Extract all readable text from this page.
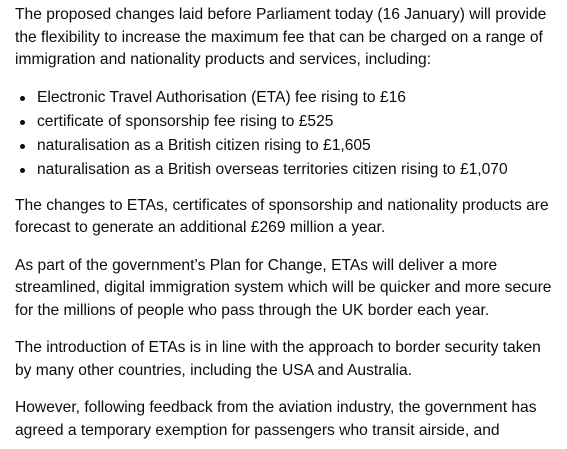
The proposed changes laid before Parliament today (16 January) will provide the flexibility to increase the maximum fee that can be charged on a range of immigration and nationality products and services, including:

Electronic Travel Authorisation (ETA) fee rising to £16
certificate of sponsorship fee rising to £525
naturalisation as a British citizen rising to £1,605
naturalisation as a British overseas territories citizen rising to £1,070

The changes to ETAs, certificates of sponsorship and nationality products are forecast to generate an additional £269 million a year.

As part of the government’s Plan for Change, ETAs will deliver a more streamlined, digital immigration system which will be quicker and more secure for the millions of people who pass through the UK border each year.

The introduction of ETAs is in line with the approach to border security taken by many other countries, including the USA and Australia.

However, following feedback from the aviation industry, the government has agreed a temporary exemption for passengers who transit airside, and
